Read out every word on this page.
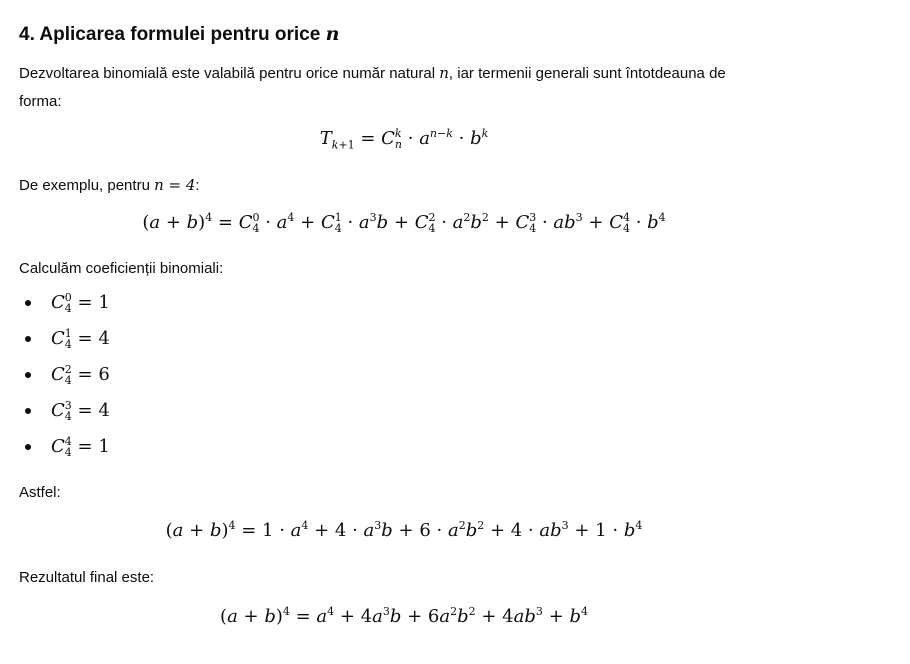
4. Aplicarea formulei pentru orice n

Dezvoltarea binomială este valabilă pentru orice număr natural n, iar termenii generali sunt întotdeauna de
forma:

$T_{k+1} = C$ k
$n \cdot a^{n-k} \cdot b^k$

De exemplu, pentru n = 4:

$(a + b)^4 = C$ 0
$4 \cdot a^4 + C$ 1
$4 \cdot a^3b + C$ 2
$4 \cdot a^2b^2 + C$ 3
$4 \cdot ab^3 + C$ 4
$4 \cdot b^4$

Calculăm coeficienții binomiali:

C 0
4 = 1
C 1
4 = 4
C 2
4 = 6
C 3
4 = 4
C 4
4 = 1

Astfel:

$(a + b)^4 = 1 \cdot a^4 + 4 \cdot a^3b + 6 \cdot a^2b^2 + 4 \cdot ab^3 + 1 \cdot b^4$

Rezultatul final este:

$(a + b)^4 = a^4 + 4a^3b + 6a^2b^2 + 4ab^3 + b^4$
